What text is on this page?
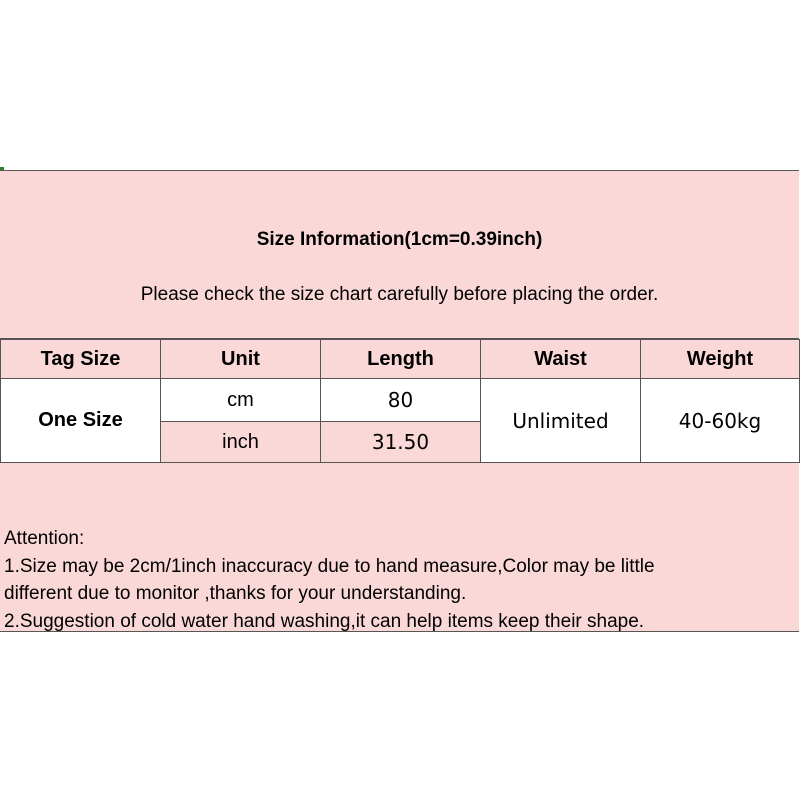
Size Information(1cm=0.39inch)
Please check the size chart carefully before placing the order.
Tag Size	Unit	Length	Waist	Weight
One Size	cm	80	Unlimited	40-60kg
	inch	31.50		
Attention:
1.Size may be 2cm/1inch inaccuracy due to hand measure,Color may be little
different due to monitor ,thanks for your understanding.
2.Suggestion of cold water hand washing,it can help items keep their shape.
